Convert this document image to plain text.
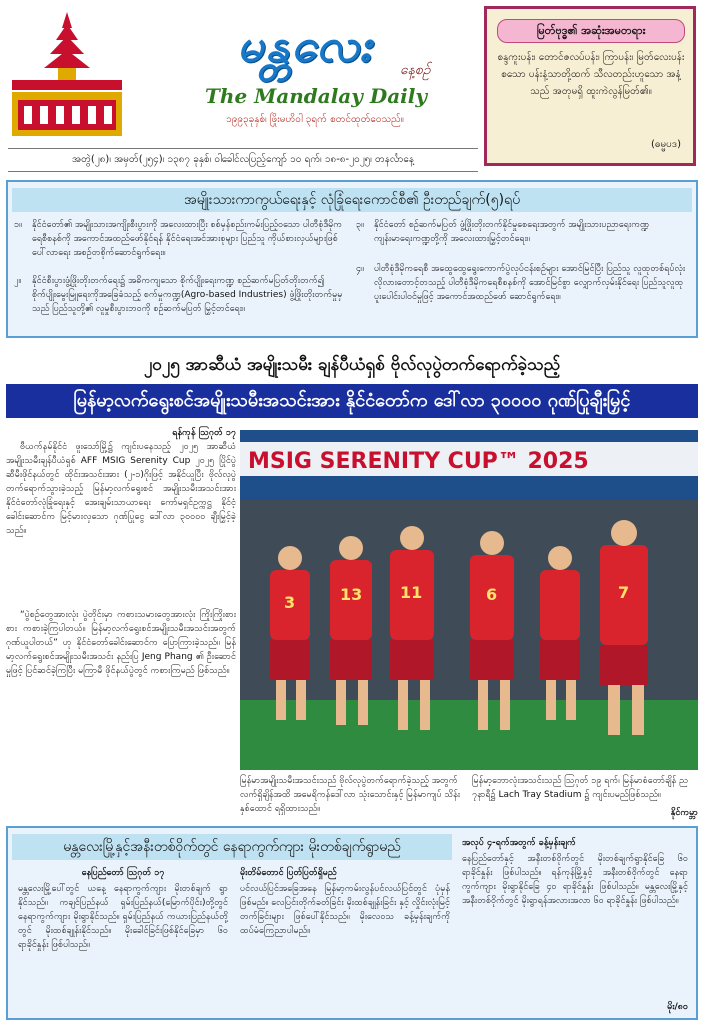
မန္တလေး	နေ့စဉ်
The Mandalay Daily
၁၉၉၃ခုနှစ်၊ ဖြိုးမဟိဝါ ၃ရက် စတင်ထုတ်ဝေသည်။
အတွဲ(၂၈)၊ အမှတ်(၂၅၄)၊ ၁၃၈၇ ခုနှစ်၊ ဝါခေါင်လပြည့်ကျော် ၁၀ ရက်၊ ၁၈-၈-၂၀၂၅၊ တနင်္လာနေ့
မြတ်ဗုဒ္ဓ၏ အဆုံးအမတရား
စန္ဒကူးပန်း၊ တောင်ဇလပ်ပန်း၊ ကြာပန်း၊ မြတ်လေးပန်း စသော ပန်းနံ့သာတို့ထက် သီလတည်းဟူသော အနံ့သည် အတုမရှိ ထူးကဲလွန်မြတ်၏။
(ဓမ္မပဒ)
အမျိုးသားကာကွယ်ရေးနှင့် လုံခြုံရေးကောင်စီ၏ ဦးတည်ချက်(၅)ရပ်
၁။	နိုင်ငံတော်၏ အမျိုးသားအကျိုးစီးပွားကို အလေးထားပြီး စစ်မှန်စည်းကမ်းပြည့်ဝသော ပါတီစုံဒီမိုကရေစီစနစ်ကို အကောင်အထည်ဖော်နိုင်ရန် နိုင်ငံရေးအင်အားစုများ ပြည်သူ ကိုယ်စားလှယ်များဖြစ်ပေါ်လာရေး အစဉ်တစိုက်ဆောင်ရွက်ရေး။
၂။	နိုင်ငံစီးပွားဖွံ့ဖြိုးတိုးတက်ရေး၌ အဓိကကျသော စိုက်ပျိုးရေးကဏ္ဍ စည်ဆက်မပြတ်တိုးတက်၍ စိုက်ပျိုးမွေးမြူရေးကိုအခြေခံသည့် စက်မှုကဏ္ဍ(Agro-based Industries) ဖွံ့ဖြိုးတိုးတက်မှုမှသည် ပြည်သူတို့၏ လူမှုစီးပွားဘဝကို စဉ်ဆက်မပြတ် မြှင့်တင်ရေး။
၃။	နိုင်ငံတော် စဉ်ဆက်မပြတ် ဖွံ့ဖြိုးတိုးတက်နိုင်မှုစေရေးအတွက် အမျိုးသားပညာရေးကဏ္ဍ ကျန်းမာရေးကဏ္ဍတို့ကို အလေးထားမြှင့်တင်ရေး။
၄။	ပါတီစုံဒီမိုကရေစီ အထွေထွေရွေးကောက်ပွဲလုပ်ငန်းစဉ်များ အောင်မြင်ပြီး ပြည်သူ လူထုတစ်ရပ်လုံး လိုလားတောင့်တသည့် ပါတီစုံဒီမိုကရေစီစနစ်ကို အောင်မြင်စွာ လျှောက်လှမ်းနိုင်ရေး ပြည်သူလူထု ပူးပေါင်းပါဝင်မှုဖြင့် အကောင်အထည်ဖော် ဆောင်ရွက်ရေး။
၂၀၂၅ အာဆီယံ အမျိုးသမီး ချန်ပီယံရှစ် ဗိုလ်လုပွဲတက်ရောက်ခဲ့သည့်
မြန်မာ့လက်ရွေးစင်အမျိုးသမီးအသင်းအား နိုင်ငံတော်က ဒေါ်လာ ၃၀၀၀၀ ဂုဏ်ပြုချီးမြှင့်
ရန်ကုန် ဩဂုတ် ၁၇
ဗီယက်နမ်နိုင်ငံ ဖူးသော်မြို့၌ ကျင်းပနေသည့် ၂၀၂၅ အာဆီယံအမျိုးသမီးချန်ပီယံရှစ် AFF MSIG Serenity Cup ၂၀၂၅ ပြိုင်ပွဲ ဆီမီးဖိုင်နယ်တွင် ထိုင်းအသင်းအား (၂-၁)ဂိုးဖြင့် အနိုင်ယူပြီး ဗိုလ်လုပွဲတက်ရောက်သွားခဲ့သည့် မြန်မာ့လက်ရွေးစင် အမျိုးသမီးအသင်းအား နိုင်ငံတော်လုံခြုံရေးနှင့် အေးချမ်းသာယာရေး ကော်မရှင်ဥက္ကဋ္ဌ နိုင်ငံ့ခေါင်းဆောင်က မြင့်မားလှသော ဂုဏ်ပြုငွေ ဒေါ်လာ ၃၀၀၀၀ ချီးမြှင့်ခဲ့သည်။
“ပွဲစဉ်တွေအားလုံး ပွဲတိုင်းမှာ ကစားသမားတွေအားလုံး ကြိုးကြိုးစားစား ကစားခဲ့ကြပါတယ်။ မြန်မာ့လက်ရွေးစင်အမျိုးသမီးအသင်းအတွက် ဂုဏ်ယူပါတယ်” ဟု နိုင်ငံတော်ခေါင်းဆောင်က ပြောကြားခဲ့သည်။ မြန်မာ့လက်ရွေးစင်အမျိုးသမီးအသင်း နည်းပြ Jeng Phang ၏ ဦးဆောင်မှုဖြင့် ပြင်ဆင်ခဲ့ကြပြီး မကြာမီ ဖိုင်နယ်ပွဲတွင် ကစားကြမည် ဖြစ်သည်။
MSIG SERENITY CUP™ 2025
3	13 11	6	7
မြန်မာအမျိုးသမီးအသင်းသည် ဗိုလ်လုပွဲတက်ရောက်ခဲ့သည့် အတွက် လက်ရှိချိန်အထိ အမေရိကန်ဒေါ်လာ သုံးသောင်းနှင့် မြန်မာကျပ် သိန်းနှစ်ထောင် ရရှိထားသည်။
မြန်မာ့ဘောလုံးအသင်းသည် ဩဂုတ် ၁၉ ရက်၊ မြန်မာစံတော်ချိန် ည ၇နာရီ၌ Lach Tray Stadium ၌ ကျင်းပမည်ဖြစ်သည်။
နိုင်ကမ္ဘာ
မန္တလေးမြို့နှင့်အနီးတစ်ဝိုက်တွင် နေရာကွက်ကျား မိုးတစ်ချက်ရွာမည်
နေပြည်တော် ဩဂုတ် ၁၇
မန္တလေးမြို့ပေါ်တွင် ယနေ့ နေရာကွက်ကျား မိုးတစ်ချက် ရွာနိုင်သည်။ ကချင်ပြည်နယ် ရှမ်းပြည်နယ်(မြောက်ပိုင်း)တို့တွင် နေရာကွက်ကျား မိုးရွာနိုင်သည်။ ရှမ်းပြည်နယ် ကယားပြည်နယ်တို့တွင် မိုးထစ်ချုန်းနိုင်သည်။ မိုးခေါင်ခြင်းဖြစ်နိုင်ခြေမှာ ၆၀ ရာခိုင်နှုန်း ဖြစ်ပါသည်။
မိုးတိမ်တောင် ပြတ်ပြတ်ရှိမည်
ပင်လယ်ပြင်အခြေအနေ မြန်မာ့ကမ်းလွန်ပင်လယ်ပြင်တွင် ပုံမှန်ဖြစ်မည်။ လေပြင်းတိုက်ခတ်ခြင်း မိုးထစ်ချုန်းခြင်း နှင့် လှိုင်းလုံးမြင့်တက်ခြင်းများ ဖြစ်ပေါ်နိုင်သည်။ မိုးလေဝသ ခန့်မှန်းချက်ကို ထပ်မံကြေညာပါမည်။
အလုပ် ၄-ရက်အတွက် ခန့်မှန်းချက်
နေပြည်တော်နှင့် အနီးတစ်ဝိုက်တွင် မိုးတစ်ချက်ရွာနိုင်ခြေ ၆၀ ရာခိုင်နှုန်း ဖြစ်ပါသည်။ ရန်ကုန်မြို့နှင့် အနီးတစ်ဝိုက်တွင် နေရာကွက်ကျား မိုးရွာနိုင်ခြေ ၄၀ ရာခိုင်နှုန်း ဖြစ်ပါသည်။ မန္တလေးမြို့နှင့် အနီးတစ်ဝိုက်တွင် မိုးရွာရန်အလားအလာ ၆၀ ရာခိုင်နှုန်း ဖြစ်ပါသည်။
မိုး/၈၀
